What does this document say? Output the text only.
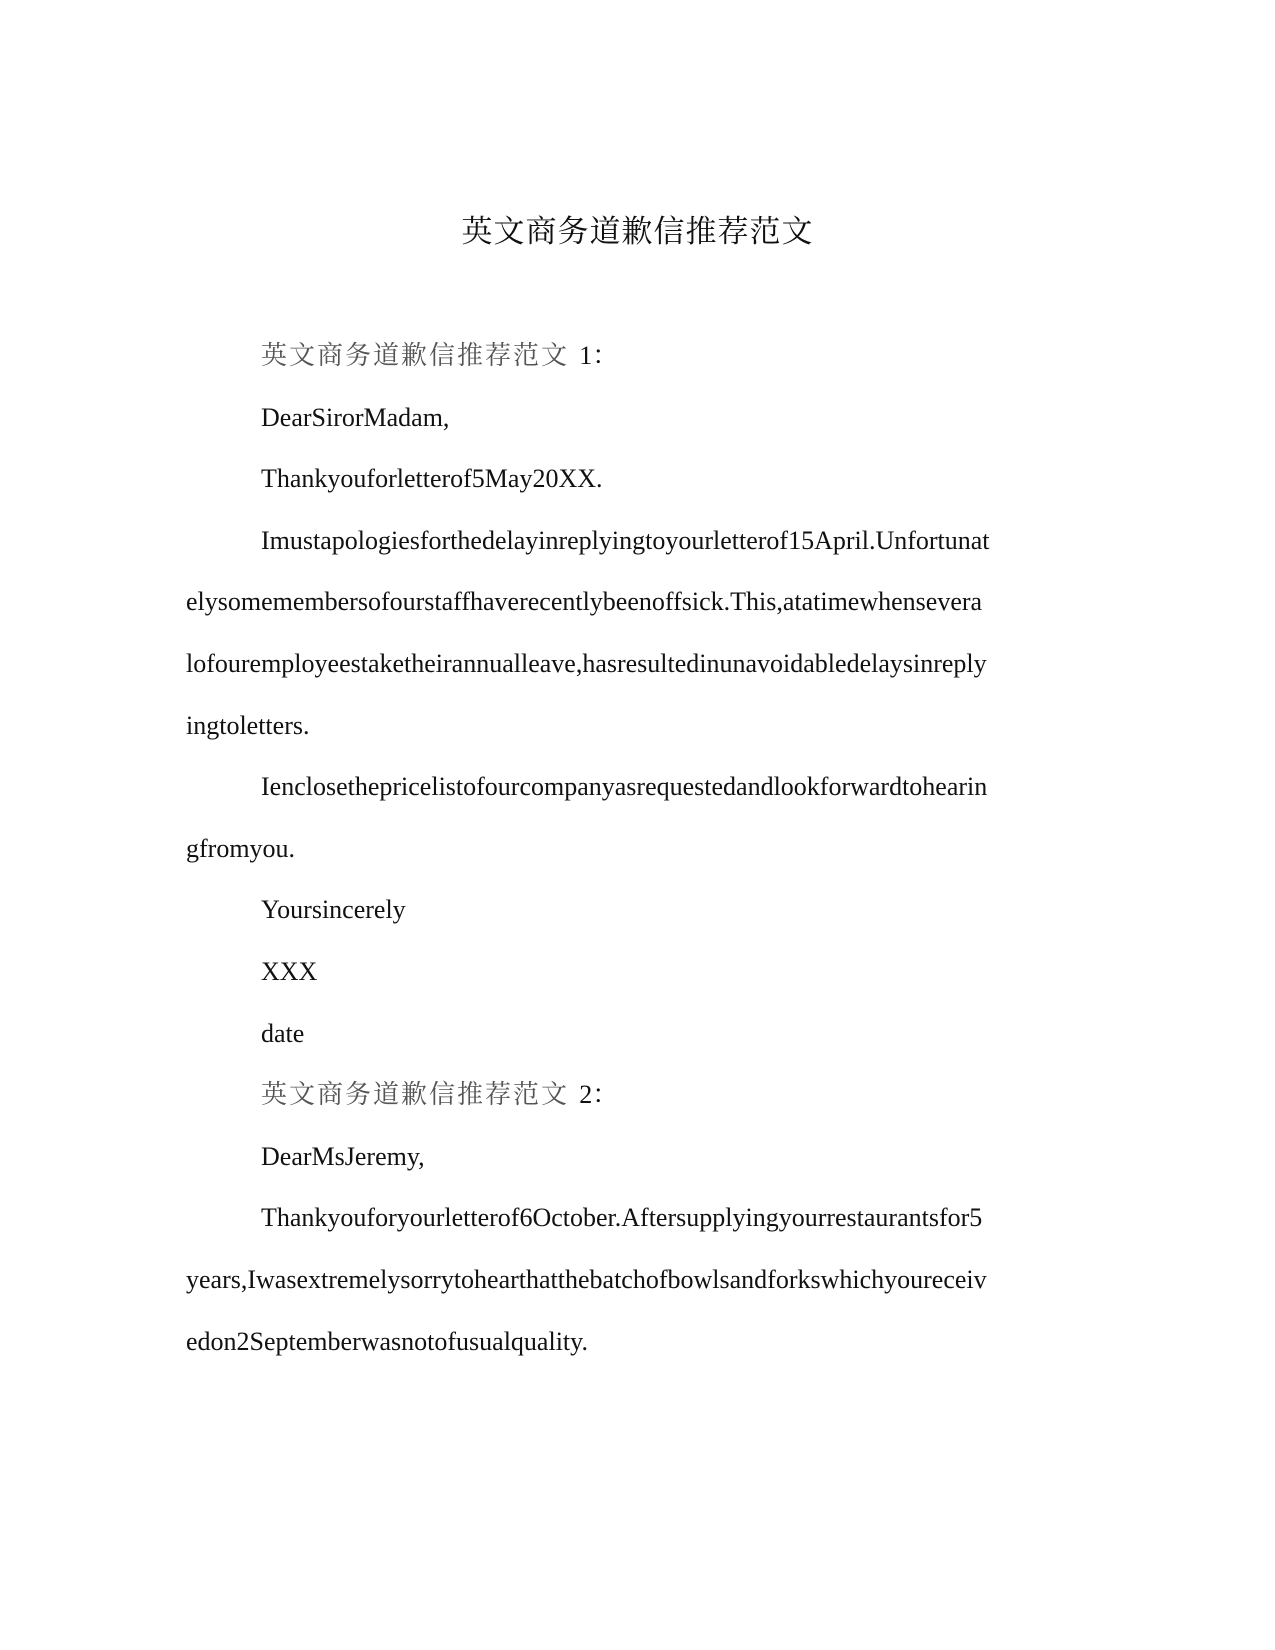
英文商务道歉信推荐范文
英文商务道歉信推荐范文 1：
DearSirorMadam,
Thankyouforletterof5May20XX.
Imustapologiesforthedelayinreplyingtoyourletterof15April.Unfortunat
elysomemembersofourstaffhaverecentlybeenoffsick.This,atatimewhensevera
lofouremployeestaketheirannualleave,hasresultedinunavoidabledelaysinreply
ingtoletters.
Ienclosethepricelistofourcompanyasrequestedandlookforwardtohearin
gfromyou.
Yoursincerely
XXX
date
英文商务道歉信推荐范文 2：
DearMsJeremy,
Thankyouforyourletterof6October.Aftersupplyingyourrestaurantsfor5
years,Iwasextremelysorrytohearthatthebatchofbowlsandforkswhichyoureceiv
edon2Septemberwasnotofusualquality.
